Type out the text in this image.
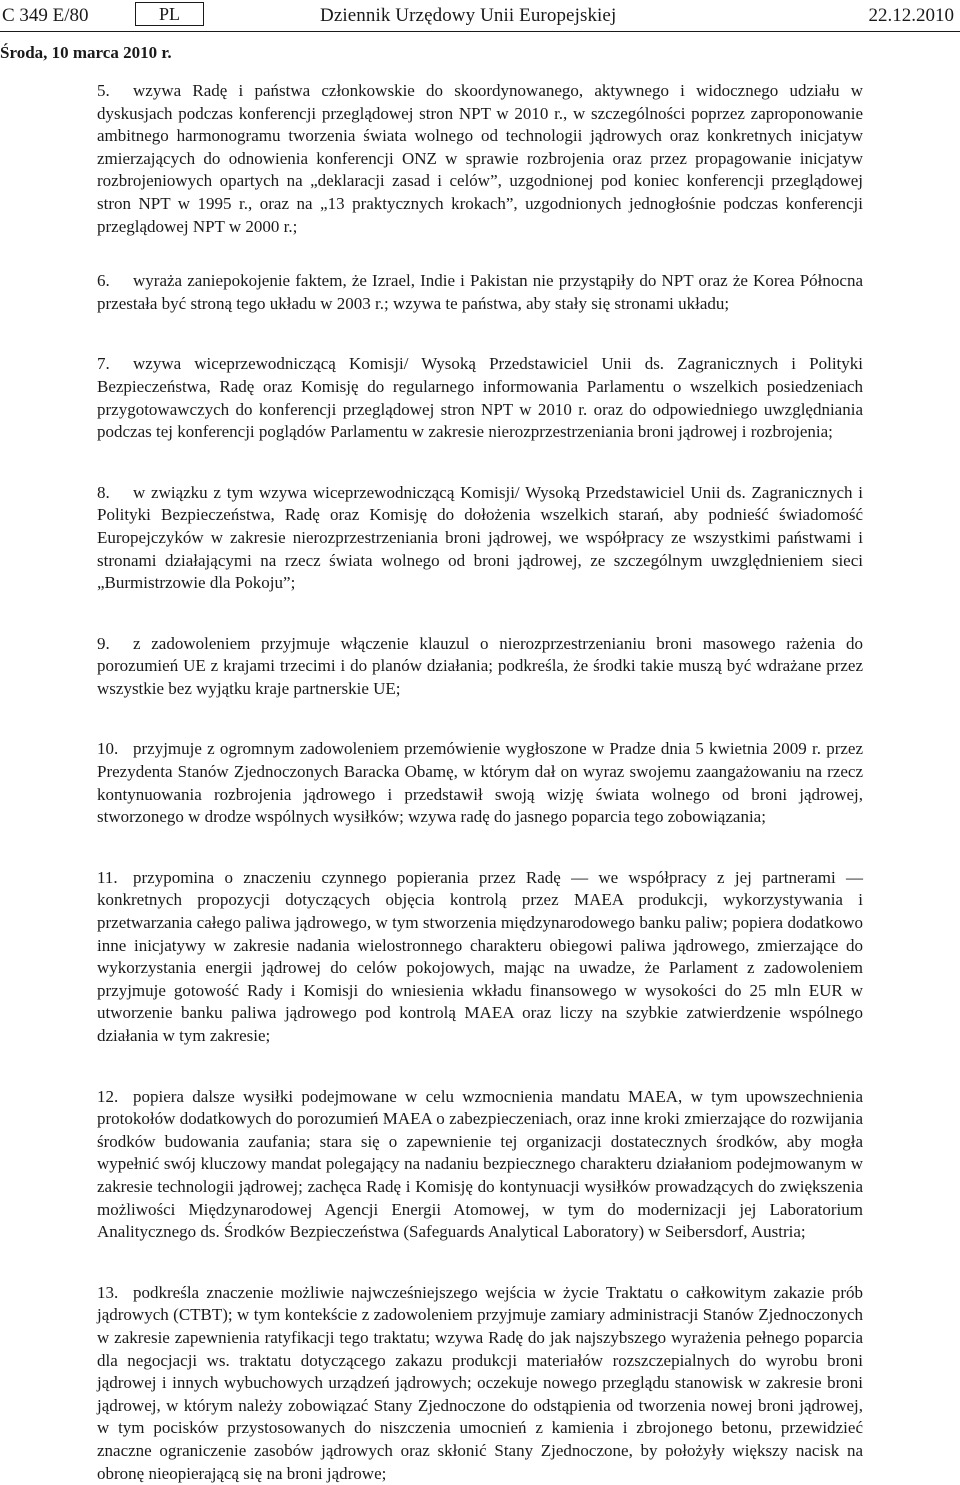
C 349 E/80	PL	Dziennik Urzędowy Unii Europejskiej	22.12.2010
Środa, 10 marca 2010 r.

5. wzywa Radę i państwa członkowskie do skoordynowanego, aktywnego i widocznego udziału w dyskusjach podczas konferencji przeglądowej stron NPT w 2010 r., w szczególności poprzez zaproponowanie ambitnego harmonogramu tworzenia świata wolnego od technologii jądrowych oraz konkretnych inicjatyw zmierzających do odnowienia konferencji ONZ w sprawie rozbrojenia oraz przez propagowanie inicjatyw rozbrojeniowych opartych na „deklaracji zasad i celów”, uzgodnionej pod koniec konferencji przeglądowej stron NPT w 1995 r., oraz na „13 praktycznych krokach”, uzgodnionych jednogłośnie podczas konferencji przeglądowej NPT w 2000 r.;

6. wyraża zaniepokojenie faktem, że Izrael, Indie i Pakistan nie przystąpiły do NPT oraz że Korea Północna przestała być stroną tego układu w 2003 r.; wzywa te państwa, aby stały się stronami układu;

7. wzywa wiceprzewodniczącą Komisji/ Wysoką Przedstawiciel Unii ds. Zagranicznych i Polityki Bezpieczeństwa, Radę oraz Komisję do regularnego informowania Parlamentu o wszelkich posiedzeniach przygotowawczych do konferencji przeglądowej stron NPT w 2010 r. oraz do odpowiedniego uwzględniania podczas tej konferencji poglądów Parlamentu w zakresie nierozprzestrzeniania broni jądrowej i rozbrojenia;

8. w związku z tym wzywa wiceprzewodniczącą Komisji/ Wysoką Przedstawiciel Unii ds. Zagranicznych i Polityki Bezpieczeństwa, Radę oraz Komisję do dołożenia wszelkich starań, aby podnieść świadomość Europejczyków w zakresie nierozprzestrzeniania broni jądrowej, we współpracy ze wszystkimi państwami i stronami działającymi na rzecz świata wolnego od broni jądrowej, ze szczególnym uwzględnieniem sieci „Burmistrzowie dla Pokoju”;

9. z zadowoleniem przyjmuje włączenie klauzul o nierozprzestrzenianiu broni masowego rażenia do porozumień UE z krajami trzecimi i do planów działania; podkreśla, że środki takie muszą być wdrażane przez wszystkie bez wyjątku kraje partnerskie UE;

10. przyjmuje z ogromnym zadowoleniem przemówienie wygłoszone w Pradze dnia 5 kwietnia 2009 r. przez Prezydenta Stanów Zjednoczonych Baracka Obamę, w którym dał on wyraz swojemu zaangażowaniu na rzecz kontynuowania rozbrojenia jądrowego i przedstawił swoją wizję świata wolnego od broni jądrowej, stworzonego w drodze wspólnych wysiłków; wzywa radę do jasnego poparcia tego zobowiązania;

11. przypomina o znaczeniu czynnego popierania przez Radę — we współpracy z jej partnerami — konkretnych propozycji dotyczących objęcia kontrolą przez MAEA produkcji, wykorzystywania i przetwarzania całego paliwa jądrowego, w tym stworzenia międzynarodowego banku paliw; popiera dodatkowo inne inicjatywy w zakresie nadania wielostronnego charakteru obiegowi paliwa jądrowego, zmierzające do wykorzystania energii jądrowej do celów pokojowych, mając na uwadze, że Parlament z zadowoleniem przyjmuje gotowość Rady i Komisji do wniesienia wkładu finansowego w wysokości do 25 mln EUR w utworzenie banku paliwa jądrowego pod kontrolą MAEA oraz liczy na szybkie zatwierdzenie wspólnego działania w tym zakresie;

12. popiera dalsze wysiłki podejmowane w celu wzmocnienia mandatu MAEA, w tym upowszechnienia protokołów dodatkowych do porozumień MAEA o zabezpieczeniach, oraz inne kroki zmierzające do rozwijania środków budowania zaufania; stara się o zapewnienie tej organizacji dostatecznych środków, aby mogła wypełnić swój kluczowy mandat polegający na nadaniu bezpiecznego charakteru działaniom podejmowanym w zakresie technologii jądrowej; zachęca Radę i Komisję do kontynuacji wysiłków prowadzących do zwiększenia możliwości Międzynarodowej Agencji Energii Atomowej, w tym do modernizacji jej Laboratorium Analitycznego ds. Środków Bezpieczeństwa (Safeguards Analytical Laboratory) w Seibersdorf, Austria;

13. podkreśla znaczenie możliwie najwcześniejszego wejścia w życie Traktatu o całkowitym zakazie prób jądrowych (CTBT); w tym kontekście z zadowoleniem przyjmuje zamiary administracji Stanów Zjednoczonych w zakresie zapewnienia ratyfikacji tego traktatu; wzywa Radę do jak najszybszego wyrażenia pełnego poparcia dla negocjacji ws. traktatu dotyczącego zakazu produkcji materiałów rozszczepialnych do wyrobu broni jądrowej i innych wybuchowych urządzeń jądrowych; oczekuje nowego przeglądu stanowisk w zakresie broni jądrowej, w którym należy zobowiązać Stany Zjednoczone do odstąpienia od tworzenia nowej broni jądrowej, w tym pocisków przystosowanych do niszczenia umocnień z kamienia i zbrojonego betonu, przewidzieć znaczne ograniczenie zasobów jądrowych oraz skłonić Stany Zjednoczone, by położyły większy nacisk na obronę nieopierającą się na broni jądrowe;
